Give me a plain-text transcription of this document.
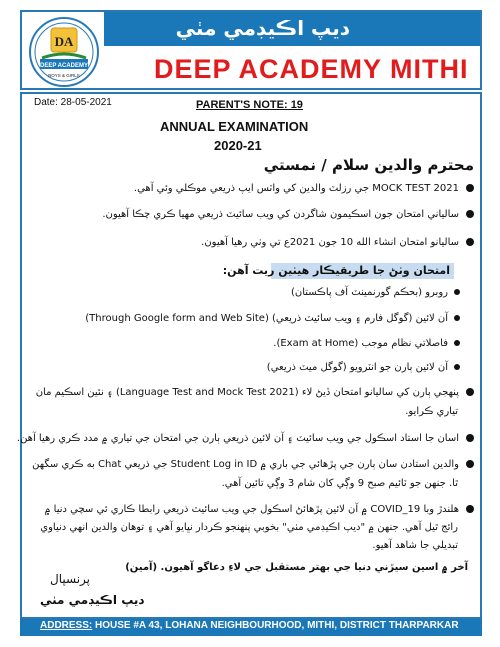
ديپ اڪيڊمي مٺي
DEEP ACADEMY MITHI
DA
DEEP ACADEMY
BOYS & GIRLS
Date: 28-05-2021	PARENT'S NOTE: 19
ANNUAL EXAMINATION
2020-21
محترم والدين سلام / نمستي
MOCK TEST 2021 جي رزلٽ والدين کي واٽس ايپ ذريعي موڪلي وئي آهي.
سالياني امتحان جون اسڪيمون شاگردن کي ويب سائيٽ ذريعي مهيا ڪري چڪا آهيون.
ساليانو امتحان انشاء الله 10 جون 2021ع تي وٺي رهيا آهيون.
امتحان وٺڻ جا طريقيڪار هيٺين ريت آهن:
روبرو (بحڪم گورنمينٽ آف پاڪستان)
آن لائين (گوگل فارم ۽ ويب سائيٽ ذريعي) (Through Google form and Web Site)
فاصلاتي نظام موجب (Exam at Home).
آن لائين ٻارن جو انٽرويو (گوگل ميٽ ذريعي)
پنهجي ٻارن کي ساليانو امتحان ڏيڻ لاء (Language Test and Mock Test 2021) ۽ نئين اسڪيم مان
تياري ڪرايو.
اسان جا استاد اسڪول جي ويب سائيٽ ۽ آن لائين ذريعي ٻارن جي امتحان جي تياري ۾ مدد ڪري رهيا آهن.
والدين استادن سان ٻارن جي پڙهائي جي باري ۾ Student Log in ID جي ذريعي Chat به ڪري سگهن
ٿا. جنهن جو ٽائيم صبح 9 وڳي کان شام 3 وڳي تائين آهي.
هلندڙ وبا COVID_19 ۾ آن لائين پڙهائڻ اسڪول جي ويب سائيٽ ذريعي رابطا ڪاري ئي سچي دنيا ۾
رائج ٿيل آهي. جنهن ۾ "ديپ اڪيڊمي مٺي" بخوبي پنهنجو ڪردار نڀايو آهي ۽ توهان والدين انهي دنياوي
تبديلي جا شاهد آهيو.
آخر ۾ اسين سيڙني دنيا جي بهتر مستقبل جي لاءِ دعاگو آهيون. (آمين)
پرنسپال
ديپ اڪيڊمي مٺي
ADDRESS: HOUSE #A 43, LOHANA NEIGHBOURHOOD, MITHI, DISTRICT THARPARKAR
